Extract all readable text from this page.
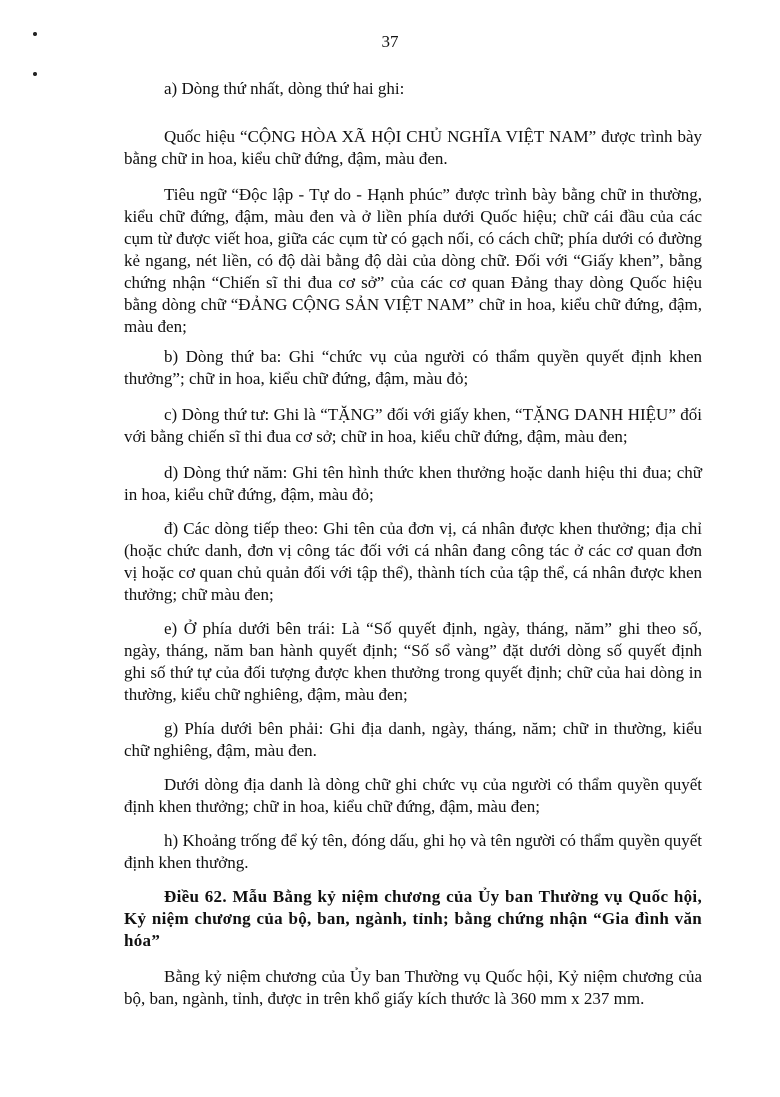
37

a) Dòng thứ nhất, dòng thứ hai ghi:

Quốc hiệu “CỘNG HÒA XÃ HỘI CHỦ NGHĨA VIỆT NAM” được trình bày bằng chữ in hoa, kiểu chữ đứng, đậm, màu đen.

Tiêu ngữ “Độc lập - Tự do - Hạnh phúc” được trình bày bằng chữ in thường, kiểu chữ đứng, đậm, màu đen và ở liền phía dưới Quốc hiệu; chữ cái đầu của các cụm từ được viết hoa, giữa các cụm từ có gạch nối, có cách chữ; phía dưới có đường kẻ ngang, nét liền, có độ dài bằng độ dài của dòng chữ. Đối với “Giấy khen”, bằng chứng nhận “Chiến sĩ thi đua cơ sở” của các cơ quan Đảng thay dòng Quốc hiệu bằng dòng chữ “ĐẢNG CỘNG SẢN VIỆT NAM” chữ in hoa, kiểu chữ đứng, đậm, màu đen;

b) Dòng thứ ba: Ghi “chức vụ của người có thẩm quyền quyết định khen thưởng”; chữ in hoa, kiểu chữ đứng, đậm, màu đỏ;

c) Dòng thứ tư: Ghi là “TẶNG” đối với giấy khen, “TẶNG DANH HIỆU” đối với bằng chiến sĩ thi đua cơ sở; chữ in hoa, kiểu chữ đứng, đậm, màu đen;

d) Dòng thứ năm: Ghi tên hình thức khen thưởng hoặc danh hiệu thi đua; chữ in hoa, kiểu chữ đứng, đậm, màu đỏ;

đ) Các dòng tiếp theo: Ghi tên của đơn vị, cá nhân được khen thưởng; địa chỉ (hoặc chức danh, đơn vị công tác đối với cá nhân đang công tác ở các cơ quan đơn vị hoặc cơ quan chủ quản đối với tập thể), thành tích của tập thể, cá nhân được khen thưởng; chữ màu đen;

e) Ở phía dưới bên trái: Là “Số quyết định, ngày, tháng, năm” ghi theo số, ngày, tháng, năm ban hành quyết định; “Số sổ vàng” đặt dưới dòng số quyết định ghi số thứ tự của đối tượng được khen thưởng trong quyết định; chữ của hai dòng in thường, kiểu chữ nghiêng, đậm, màu đen;

g) Phía dưới bên phải: Ghi địa danh, ngày, tháng, năm; chữ in thường, kiểu chữ nghiêng, đậm, màu đen.

Dưới dòng địa danh là dòng chữ ghi chức vụ của người có thẩm quyền quyết định khen thưởng; chữ in hoa, kiểu chữ đứng, đậm, màu đen;

h) Khoảng trống để ký tên, đóng dấu, ghi họ và tên người có thẩm quyền quyết định khen thưởng.

Điều 62. Mẫu Bằng kỷ niệm chương của Ủy ban Thường vụ Quốc hội, Kỷ niệm chương của bộ, ban, ngành, tỉnh; bằng chứng nhận “Gia đình văn hóa”

Bằng kỷ niệm chương của Ủy ban Thường vụ Quốc hội, Kỷ niệm chương của bộ, ban, ngành, tỉnh, được in trên khổ giấy kích thước là 360 mm x 237 mm.
